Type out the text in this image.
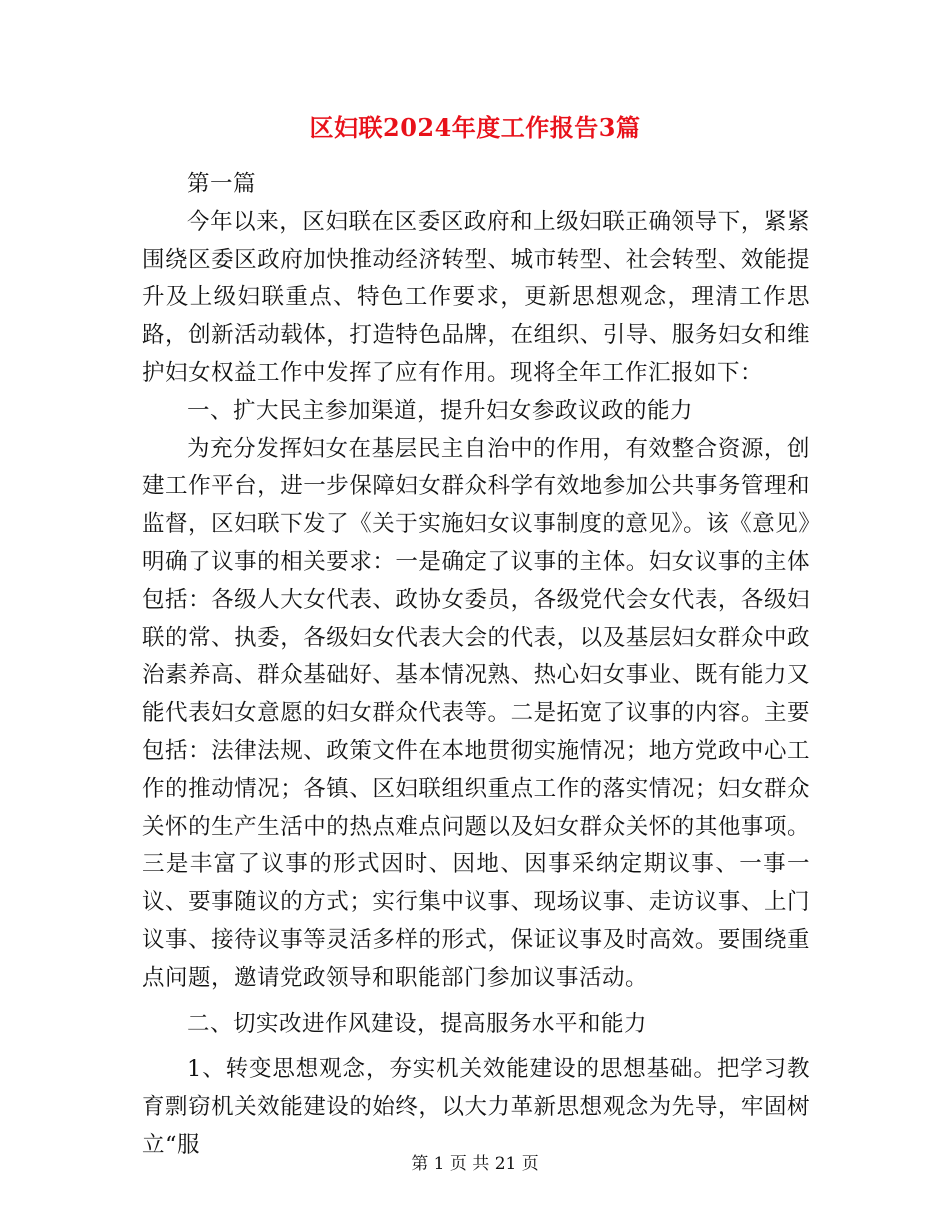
区妇联2024年度工作报告3篇

第一篇

今年以来，区妇联在区委区政府和上级妇联正确领导下，紧紧围绕区委区政府加快推动经济转型、城市转型、社会转型、效能提升及上级妇联重点、特色工作要求，更新思想观念，理清工作思路，创新活动载体，打造特色品牌，在组织、引导、服务妇女和维护妇女权益工作中发挥了应有作用。现将全年工作汇报如下：

一、扩大民主参加渠道，提升妇女参政议政的能力

为充分发挥妇女在基层民主自治中的作用，有效整合资源，创建工作平台，进一步保障妇女群众科学有效地参加公共事务管理和监督，区妇联下发了《关于实施妇女议事制度的意见》。该《意见》明确了议事的相关要求：一是确定了议事的主体。妇女议事的主体包括：各级人大女代表、政协女委员，各级党代会女代表，各级妇联的常、执委，各级妇女代表大会的代表，以及基层妇女群众中政治素养高、群众基础好、基本情况熟、热心妇女事业、既有能力又能代表妇女意愿的妇女群众代表等。二是拓宽了议事的内容。主要包括：法律法规、政策文件在本地贯彻实施情况；地方党政中心工作的推动情况；各镇、区妇联组织重点工作的落实情况；妇女群众关怀的生产生活中的热点难点问题以及妇女群众关怀的其他事项。三是丰富了议事的形式因时、因地、因事采纳定期议事、一事一议、要事随议的方式；实行集中议事、现场议事、走访议事、上门议事、接待议事等灵活多样的形式，保证议事及时高效。要围绕重点问题，邀请党政领导和职能部门参加议事活动。

二、切实改进作风建设，提高服务水平和能力

1、转变思想观念，夯实机关效能建设的思想基础。把学习教育剽窃机关效能建设的始终，以大力革新思想观念为先导，牢固树立“服

第 1 页 共 21 页
